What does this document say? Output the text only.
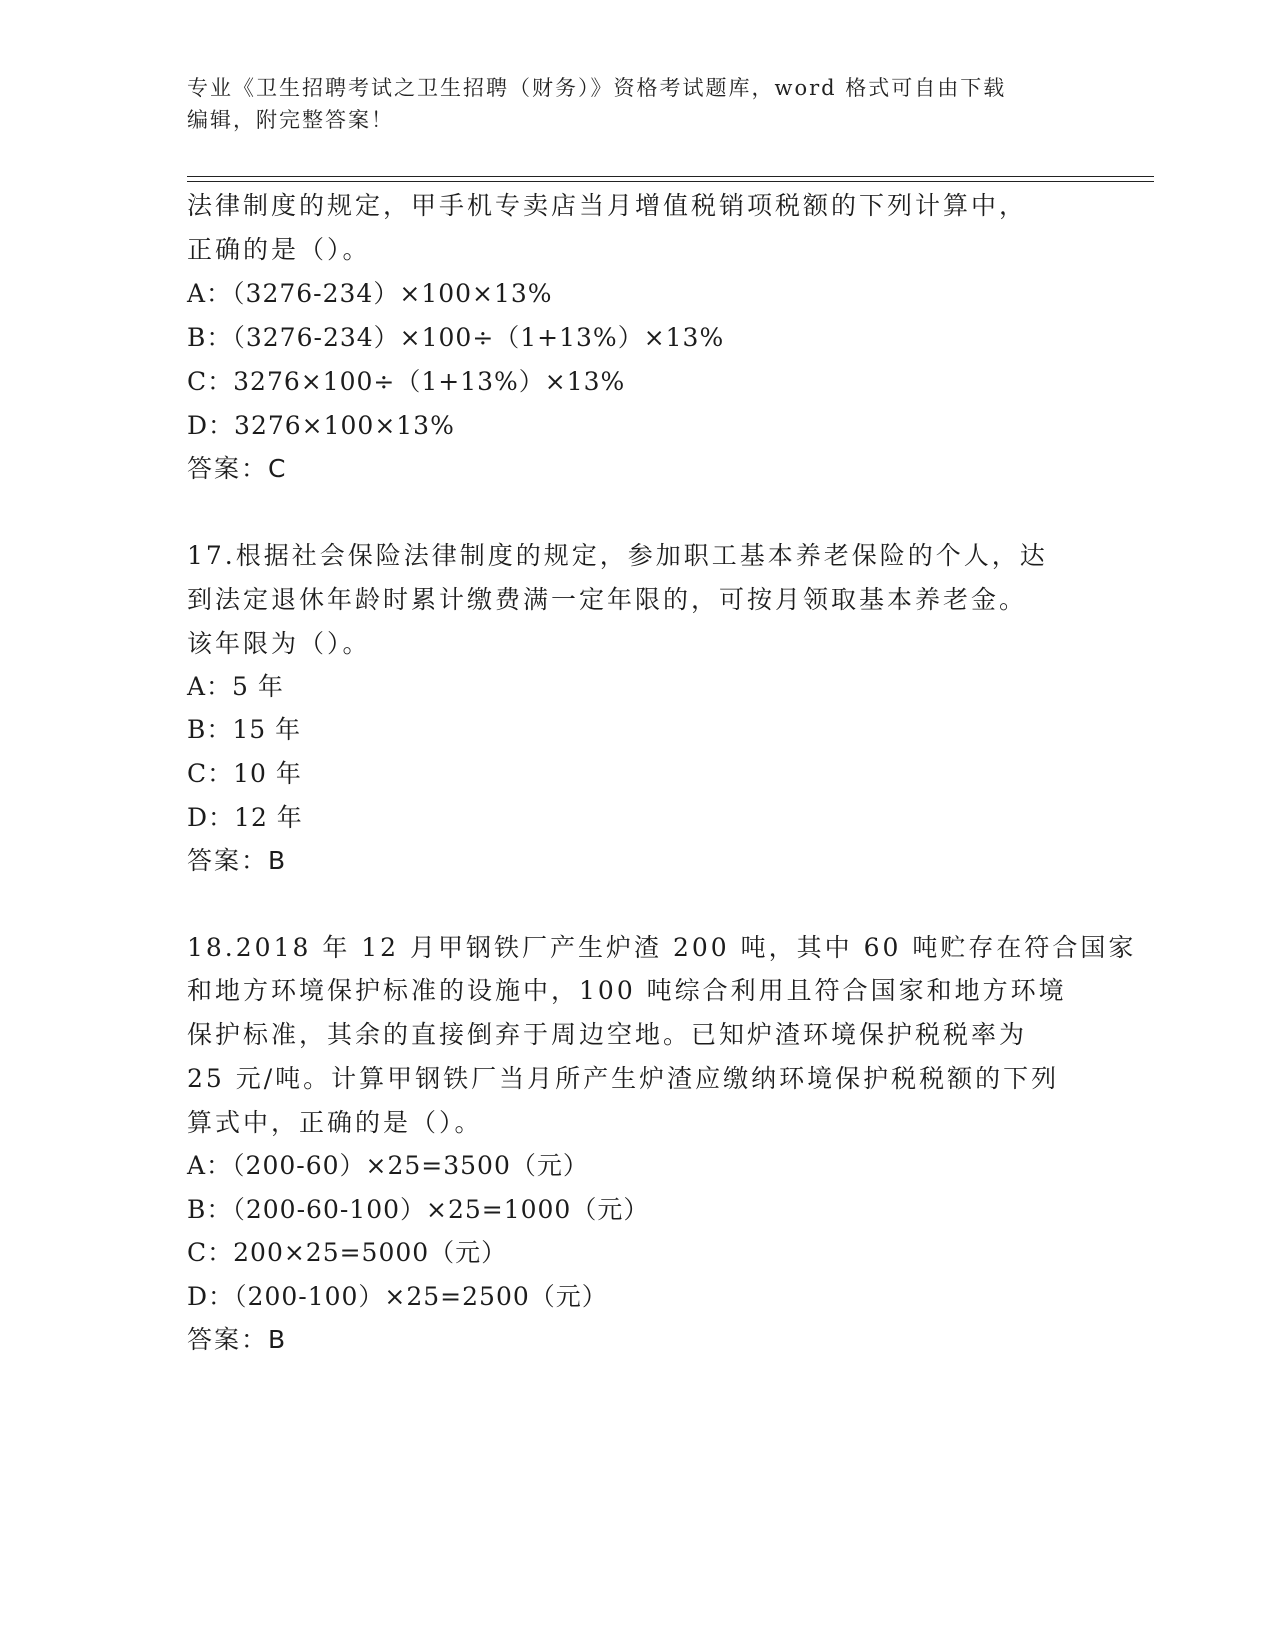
专业《卫生招聘考试之卫生招聘（财务）》资格考试题库，word 格式可自由下载
编辑，附完整答案！
法律制度的规定，甲手机专卖店当月增值税销项税额的下列计算中，
正确的是（）。
A：（3276-234）×100×13%
B：（3276-234）×100÷（1+13%）×13%
C：3276×100÷（1+13%）×13%
D：3276×100×13%
答案：C
17.根据社会保险法律制度的规定，参加职工基本养老保险的个人，达
到法定退休年龄时累计缴费满一定年限的，可按月领取基本养老金。
该年限为（）。
A：5 年
B：15 年
C：10 年
D：12 年
答案：B
18.2018 年 12 月甲钢铁厂产生炉渣 200 吨，其中 60 吨贮存在符合国家
和地方环境保护标准的设施中，100 吨综合利用且符合国家和地方环境
保护标准，其余的直接倒弃于周边空地。已知炉渣环境保护税税率为
25 元/吨。计算甲钢铁厂当月所产生炉渣应缴纳环境保护税税额的下列
算式中，正确的是（）。
A：（200-60）×25=3500（元）
B：（200-60-100）×25=1000（元）
C：200×25=5000（元）
D：（200-100）×25=2500（元）
答案：B
